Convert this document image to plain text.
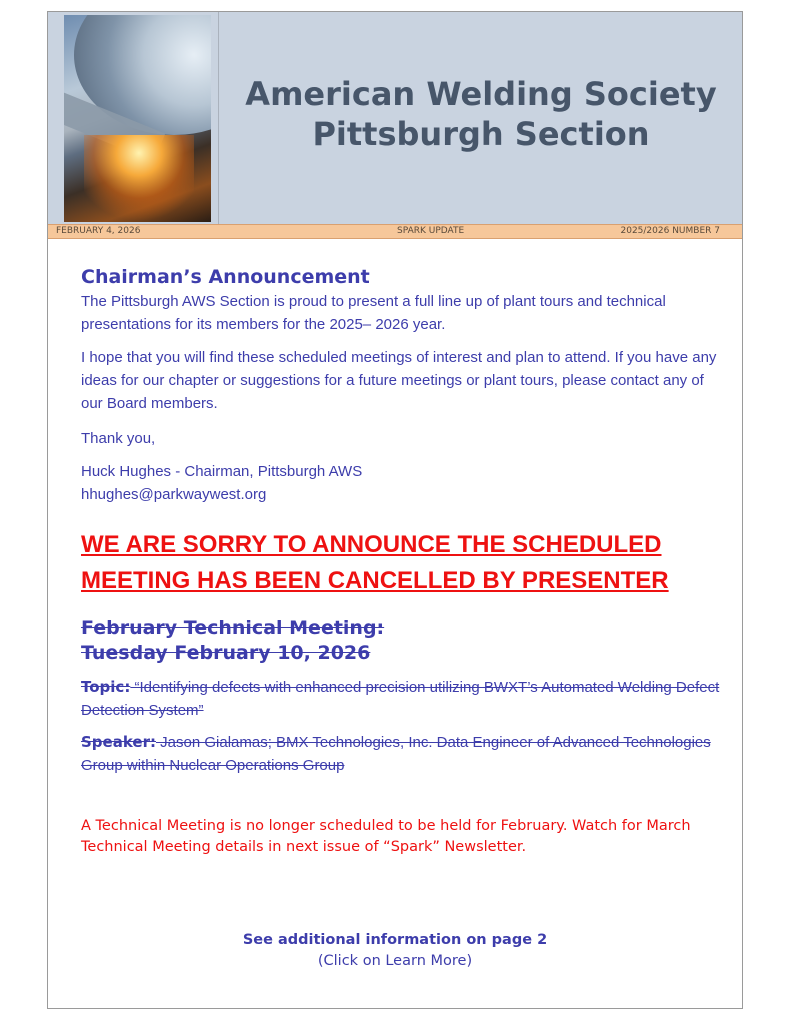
American Welding Society
Pittsburgh Section
FEBRUARY 4, 2026	SPARK UPDATE	2025/2026 NUMBER 7
Chairman’s Announcement
The Pittsburgh AWS Section is proud to present a full line up of plant tours and technical presentations for its members for the 2025– 2026 year.
I hope that you will find these scheduled meetings of interest and plan to attend. If you have any ideas for our chapter or suggestions for a future meetings or plant tours, please contact any of our Board members.
Thank you,
Huck Hughes - Chairman, Pittsburgh AWS
hhughes@parkwaywest.org
WE ARE SORRY TO ANNOUNCE THE SCHEDULED
MEETING HAS BEEN CANCELLED BY PRESENTER
February Technical Meeting:
Tuesday February 10, 2026
Topic: “Identifying defects with enhanced precision utilizing BWXT’s Automated Welding Defect Detection System”
Speaker: Jason Gialamas; BMX Technologies, Inc. Data Engineer of Advanced Technologies Group within Nuclear Operations Group
A Technical Meeting is no longer scheduled to be held for February. Watch for March Technical Meeting details in next issue of “Spark” Newsletter.
See additional information on page 2
(Click on Learn More)
